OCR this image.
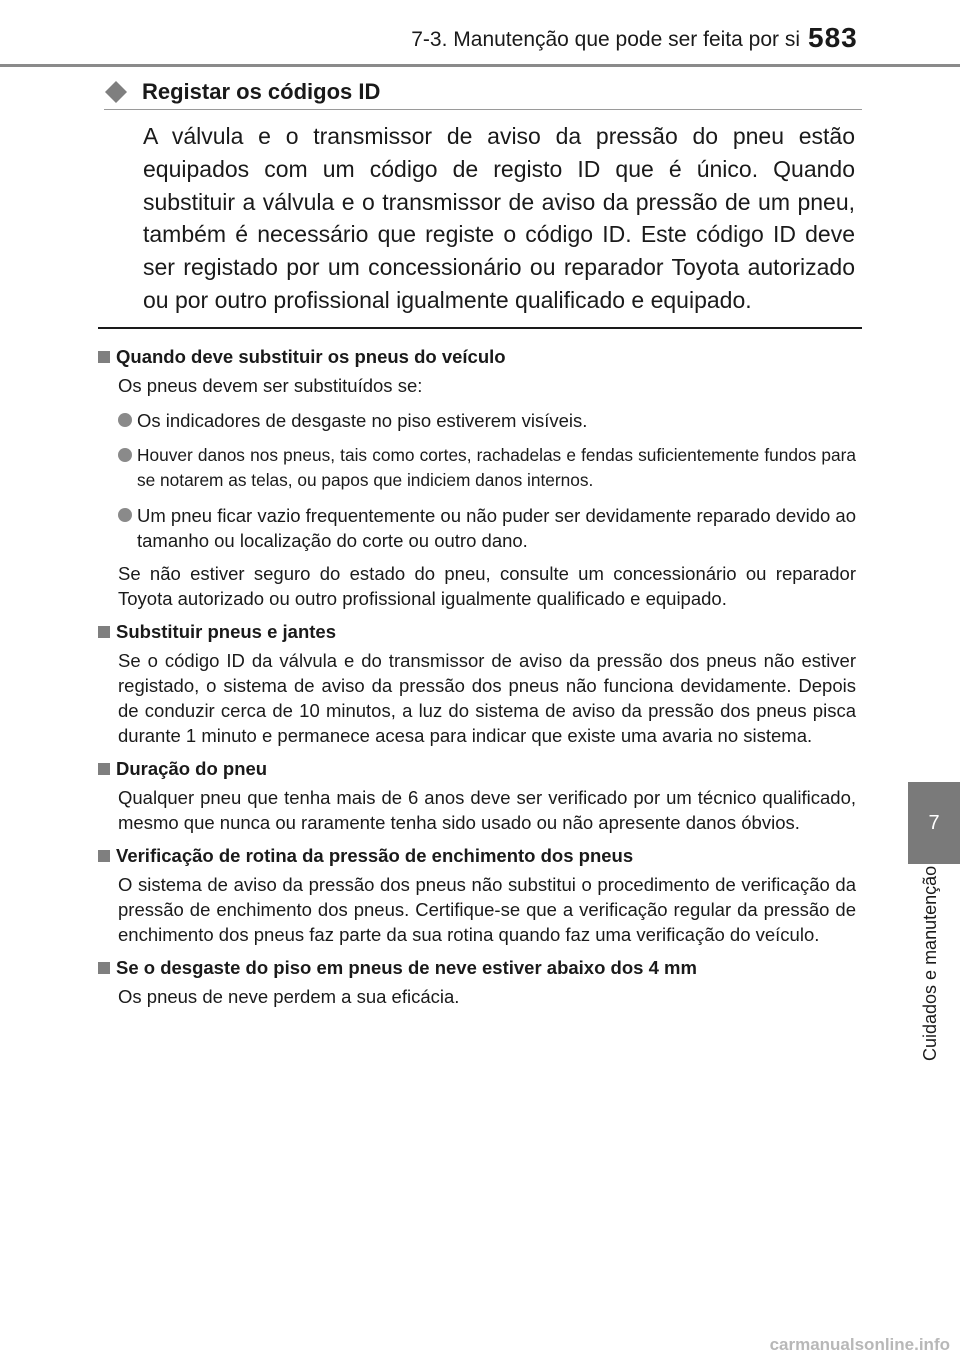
7-3. Manutenção que pode ser feita por si 583
7
Cuidados e manutenção
Registar os códigos ID
A válvula e o transmissor de aviso da pressão do pneu estão equipados com um código de registo ID que é único. Quando substituir a válvula e o transmissor de aviso da pressão de um pneu, também é necessário que registe o código ID. Este código ID deve ser registado por um concessionário ou reparador Toyota autorizado ou por outro profissional igualmente qualificado e equipado.
Quando deve substituir os pneus do veículo
Os pneus devem ser substituídos se:
Os indicadores de desgaste no piso estiverem visíveis.
Houver danos nos pneus, tais como cortes, rachadelas e fendas suficientemente fundos para se notarem as telas, ou papos que indiciem danos internos.
Um pneu ficar vazio frequentemente ou não puder ser devidamente reparado devido ao tamanho ou localização do corte ou outro dano.
Se não estiver seguro do estado do pneu, consulte um concessionário ou reparador Toyota autorizado ou outro profissional igualmente qualificado e equipado.
Substituir pneus e jantes
Se o código ID da válvula e do transmissor de aviso da pressão dos pneus não estiver registado, o sistema de aviso da pressão dos pneus não funciona devidamente. Depois de conduzir cerca de 10 minutos, a luz do sistema de aviso da pressão dos pneus pisca durante 1 minuto e permanece acesa para indicar que existe uma avaria no sistema.
Duração do pneu
Qualquer pneu que tenha mais de 6 anos deve ser verificado por um técnico qualificado, mesmo que nunca ou raramente tenha sido usado ou não apresente danos óbvios.
Verificação de rotina da pressão de enchimento dos pneus
O sistema de aviso da pressão dos pneus não substitui o procedimento de verificação da pressão de enchimento dos pneus. Certifique-se que a verificação regular da pressão de enchimento dos pneus faz parte da sua rotina quando faz uma verificação do veículo.
Se o desgaste do piso em pneus de neve estiver abaixo dos 4 mm
Os pneus de neve perdem a sua eficácia.
carmanualsonline.info
